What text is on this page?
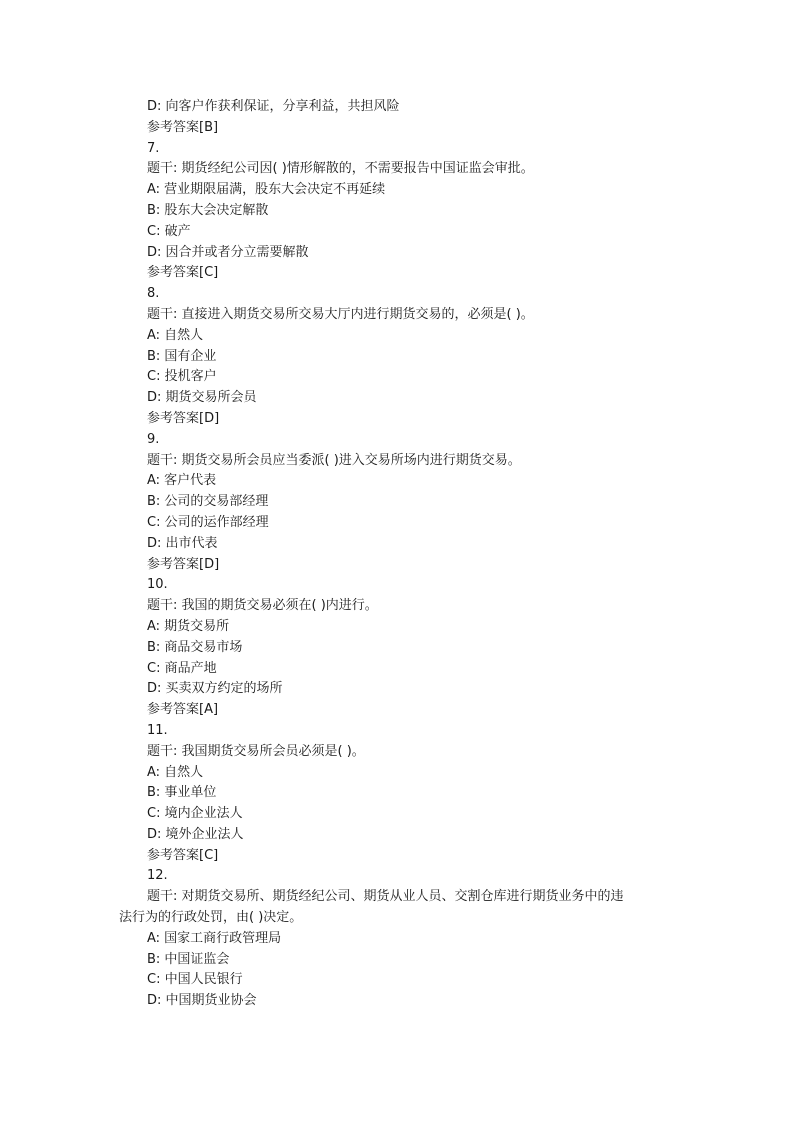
D: 向客户作获利保证，分享利益，共担风险
参考答案[B]
7.
题干: 期货经纪公司因( )情形解散的，不需要报告中国证监会审批。
A: 营业期限届满，股东大会决定不再延续
B: 股东大会决定解散
C: 破产
D: 因合并或者分立需要解散
参考答案[C]
8.
题干: 直接进入期货交易所交易大厅内进行期货交易的，必须是( )。
A: 自然人
B: 国有企业
C: 投机客户
D: 期货交易所会员
参考答案[D]
9.
题干: 期货交易所会员应当委派( )进入交易所场内进行期货交易。
A: 客户代表
B: 公司的交易部经理
C: 公司的运作部经理
D: 出市代表
参考答案[D]
10.
题干: 我国的期货交易必须在( )内进行。
A: 期货交易所
B: 商品交易市场
C: 商品产地
D: 买卖双方约定的场所
参考答案[A]
11.
题干: 我国期货交易所会员必须是( )。
A: 自然人
B: 事业单位
C: 境内企业法人
D: 境外企业法人
参考答案[C]
12.
题干: 对期货交易所、期货经纪公司、期货从业人员、交割仓库进行期货业务中的违
法行为的行政处罚，由( )决定。
A: 国家工商行政管理局
B: 中国证监会
C: 中国人民银行
D: 中国期货业协会
